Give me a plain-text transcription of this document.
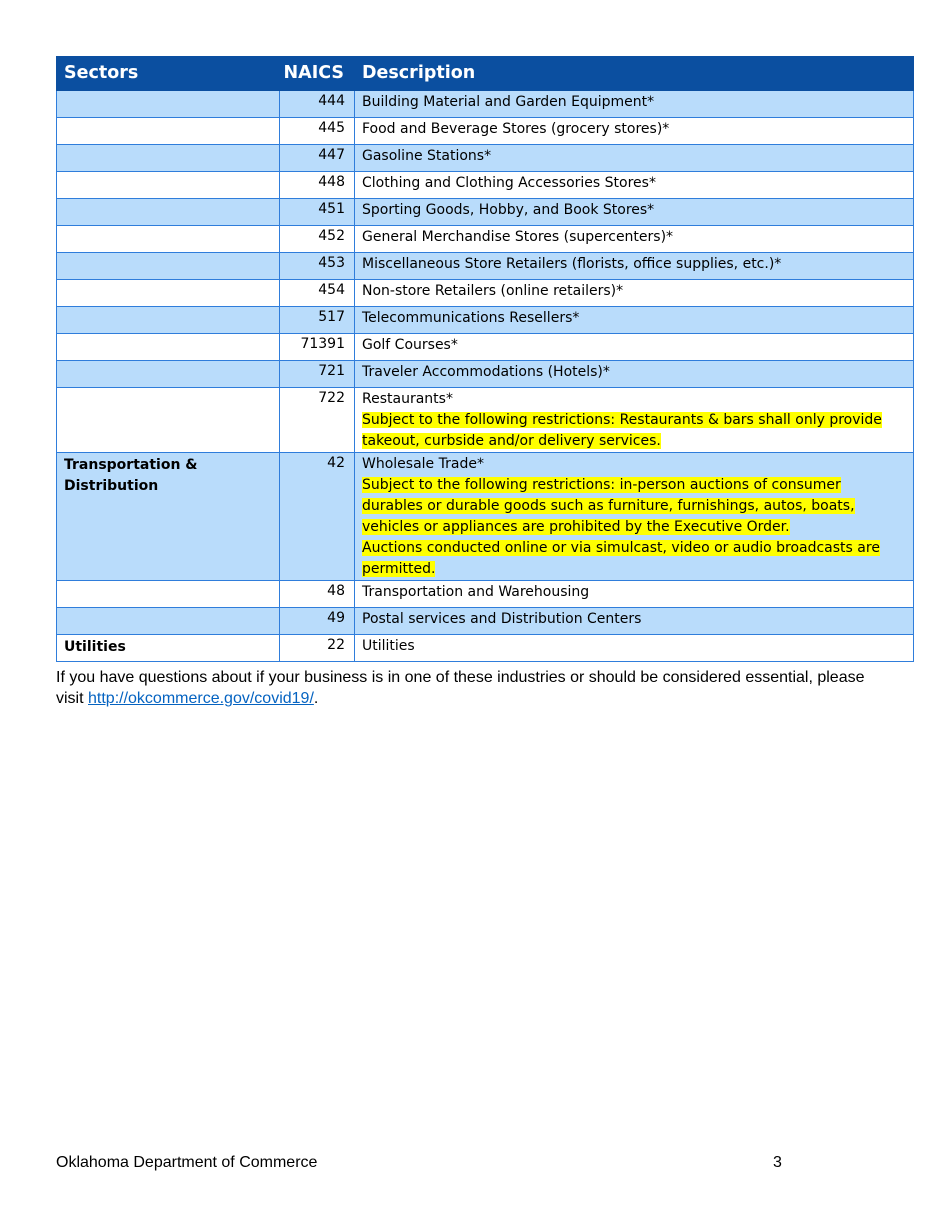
Sectors	NAICS	Description
	444	Building Material and Garden Equipment*

	445	Food and Beverage Stores (grocery stores)*

	447	Gasoline Stations*

	448	Clothing and Clothing Accessories Stores*

	451	Sporting Goods, Hobby, and Book Stores*

	452	General Merchandise Stores (supercenters)*

	453	Miscellaneous Store Retailers (florists, office supplies, etc.)*

	454	Non-store Retailers (online retailers)*

	517	Telecommunications Resellers*

	71391	Golf Courses*

	721	Traveler Accommodations (Hotels)*

	722	Restaurants*
Subject to the following restrictions: Restaurants & bars shall only provide takeout, curbside and/or delivery services.

Transportation & Distribution	42	Wholesale Trade*
Subject to the following restrictions: in-person auctions of consumer durables or durable goods such as furniture, furnishings, autos, boats, vehicles or appliances are prohibited by the Executive Order.
Auctions conducted online or via simulcast, video or audio broadcasts are permitted.

	48	Transportation and Warehousing

	49	Postal services and Distribution Centers

Utilities	22	Utilities
If you have questions about if your business is in one of these industries or should be considered essential, please visit http://okcommerce.gov/covid19/.
Oklahoma Department of Commerce	3
